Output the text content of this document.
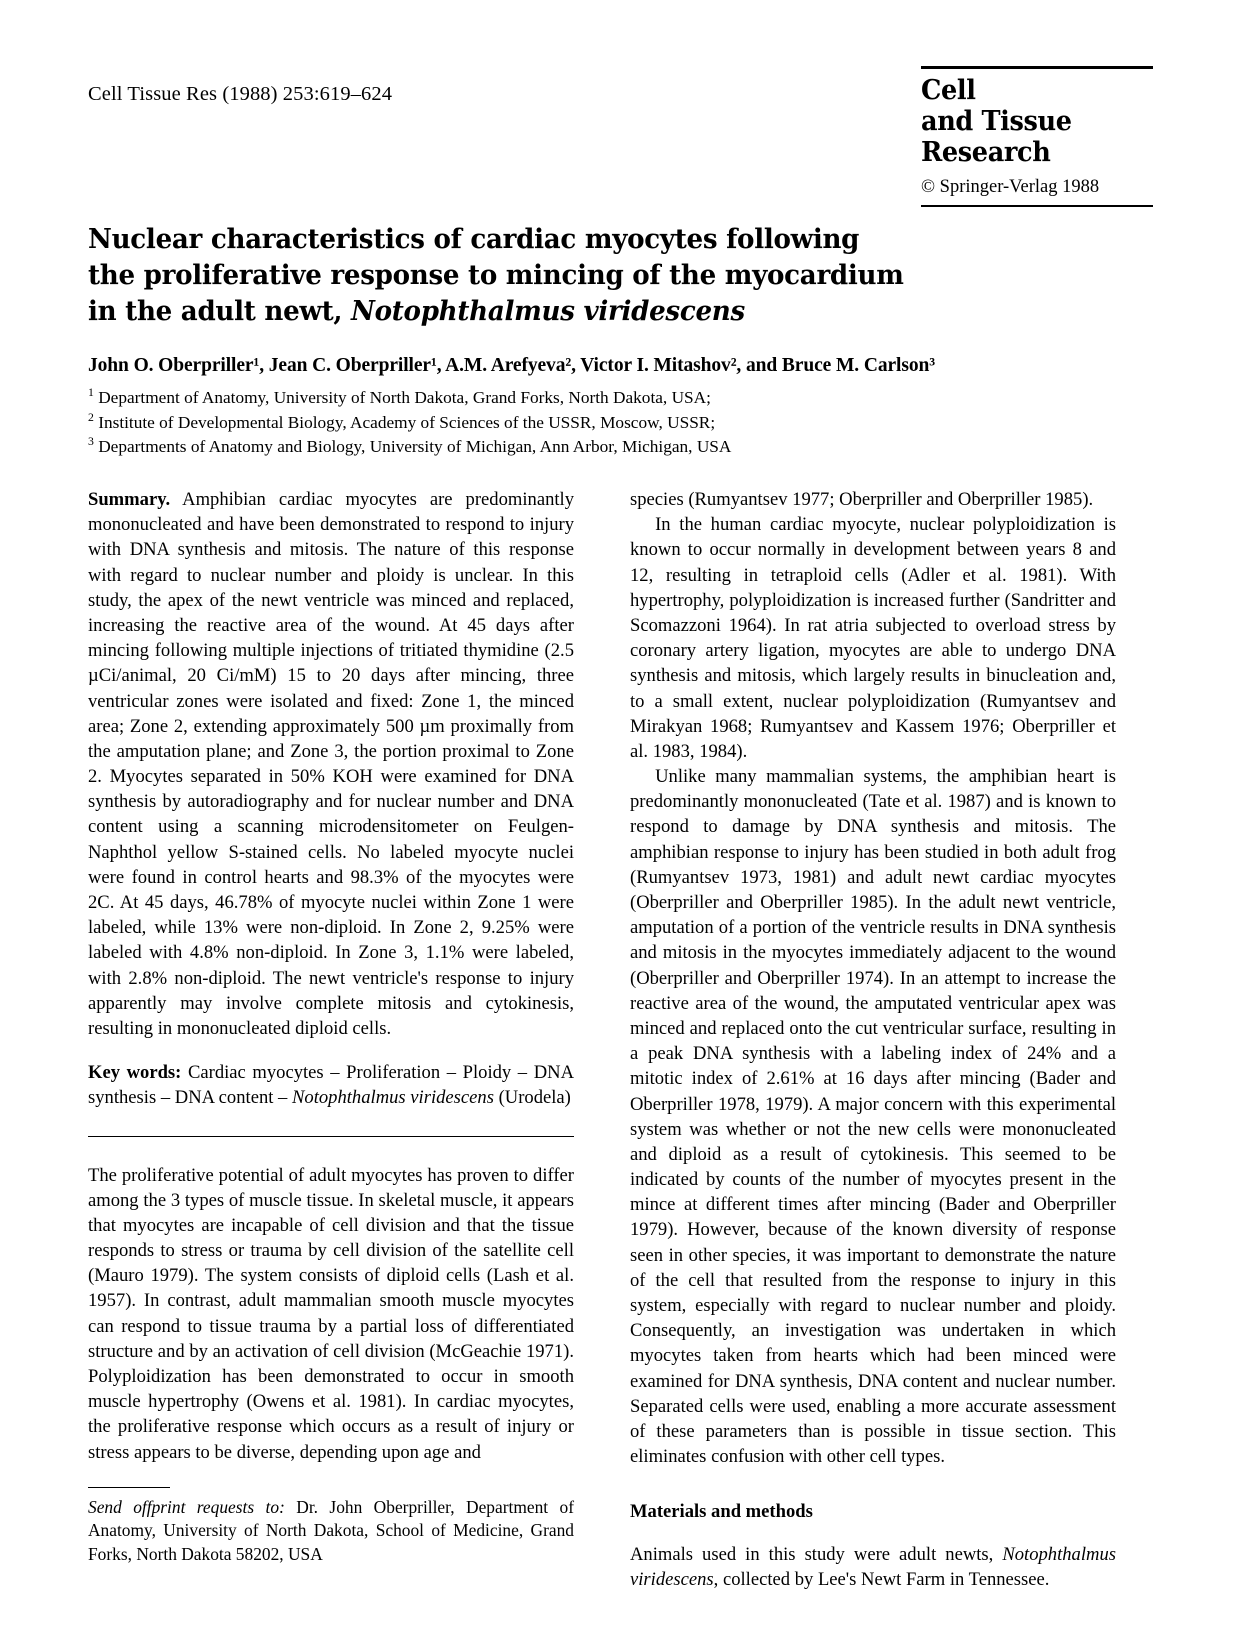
Cell Tissue Res (1988) 253:619–624	Cell
and Tissue
Research
© Springer-Verlag 1988
Nuclear characteristics of cardiac myocytes following
the proliferative response to mincing of the myocardium
in the adult newt, Notophthalmus viridescens
John O. Oberpriller¹, Jean C. Oberpriller¹, A.M. Arefyeva², Victor I. Mitashov², and Bruce M. Carlson³
$^1$ Department of Anatomy, University of North Dakota, Grand Forks, North Dakota, USA;
$^2$ Institute of Developmental Biology, Academy of Sciences of the USSR, Moscow, USSR;
$^3$ Departments of Anatomy and Biology, University of Michigan, Ann Arbor, Michigan, USA

Summary. Amphibian cardiac myocytes are predominantly mononucleated and have been demonstrated to respond to injury with DNA synthesis and mitosis. The nature of this response with regard to nuclear number and ploidy is unclear. In this study, the apex of the newt ventricle was minced and replaced, increasing the reactive area of the wound. At 45 days after mincing following multiple injections of tritiated thymidine (2.5 µCi/animal, 20 Ci/mM) 15 to 20 days after mincing, three ventricular zones were isolated and fixed: Zone 1, the minced area; Zone 2, extending approximately 500 µm proximally from the amputation plane; and Zone 3, the portion proximal to Zone 2. Myocytes separated in 50% KOH were examined for DNA synthesis by autoradiography and for nuclear number and DNA content using a scanning microdensitometer on Feulgen-Naphthol yellow S-stained cells. No labeled myocyte nuclei were found in control hearts and 98.3% of the myocytes were 2C. At 45 days, 46.78% of myocyte nuclei within Zone 1 were labeled, while 13% were non-diploid. In Zone 2, 9.25% were labeled with 4.8% non-diploid. In Zone 3, 1.1% were labeled, with 2.8% non-diploid. The newt ventricle's response to injury apparently may involve complete mitosis and cytokinesis, resulting in mononucleated diploid cells.

Key words: Cardiac myocytes – Proliferation – Ploidy – DNA synthesis – DNA content – Notophthalmus viridescens (Urodela)

The proliferative potential of adult myocytes has proven to differ among the 3 types of muscle tissue. In skeletal muscle, it appears that myocytes are incapable of cell division and that the tissue responds to stress or trauma by cell division of the satellite cell (Mauro 1979). The system consists of diploid cells (Lash et al. 1957). In contrast, adult mammalian smooth muscle myocytes can respond to tissue trauma by a partial loss of differentiated structure and by an activation of cell division (McGeachie 1971). Polyploidization has been demonstrated to occur in smooth muscle hypertrophy (Owens et al. 1981). In cardiac myocytes, the proliferative response which occurs as a result of injury or stress appears to be diverse, depending upon age and

Send offprint requests to: Dr. John Oberpriller, Department of Anatomy, University of North Dakota, School of Medicine, Grand Forks, North Dakota 58202, USA

species (Rumyantsev 1977; Oberpriller and Oberpriller 1985).

In the human cardiac myocyte, nuclear polyploidization is known to occur normally in development between years 8 and 12, resulting in tetraploid cells (Adler et al. 1981). With hypertrophy, polyploidization is increased further (Sandritter and Scomazzoni 1964). In rat atria subjected to overload stress by coronary artery ligation, myocytes are able to undergo DNA synthesis and mitosis, which largely results in binucleation and, to a small extent, nuclear polyploidization (Rumyantsev and Mirakyan 1968; Rumyantsev and Kassem 1976; Oberpriller et al. 1983, 1984).

Unlike many mammalian systems, the amphibian heart is predominantly mononucleated (Tate et al. 1987) and is known to respond to damage by DNA synthesis and mitosis. The amphibian response to injury has been studied in both adult frog (Rumyantsev 1973, 1981) and adult newt cardiac myocytes (Oberpriller and Oberpriller 1985). In the adult newt ventricle, amputation of a portion of the ventricle results in DNA synthesis and mitosis in the myocytes immediately adjacent to the wound (Oberpriller and Oberpriller 1974). In an attempt to increase the reactive area of the wound, the amputated ventricular apex was minced and replaced onto the cut ventricular surface, resulting in a peak DNA synthesis with a labeling index of 24% and a mitotic index of 2.61% at 16 days after mincing (Bader and Oberpriller 1978, 1979). A major concern with this experimental system was whether or not the new cells were mononucleated and diploid as a result of cytokinesis. This seemed to be indicated by counts of the number of myocytes present in the mince at different times after mincing (Bader and Oberpriller 1979). However, because of the known diversity of response seen in other species, it was important to demonstrate the nature of the cell that resulted from the response to injury in this system, especially with regard to nuclear number and ploidy. Consequently, an investigation was undertaken in which myocytes taken from hearts which had been minced were examined for DNA synthesis, DNA content and nuclear number. Separated cells were used, enabling a more accurate assessment of these parameters than is possible in tissue section. This eliminates confusion with other cell types.

Materials and methods

Animals used in this study were adult newts, Notophthalmus viridescens, collected by Lee's Newt Farm in Tennessee.
